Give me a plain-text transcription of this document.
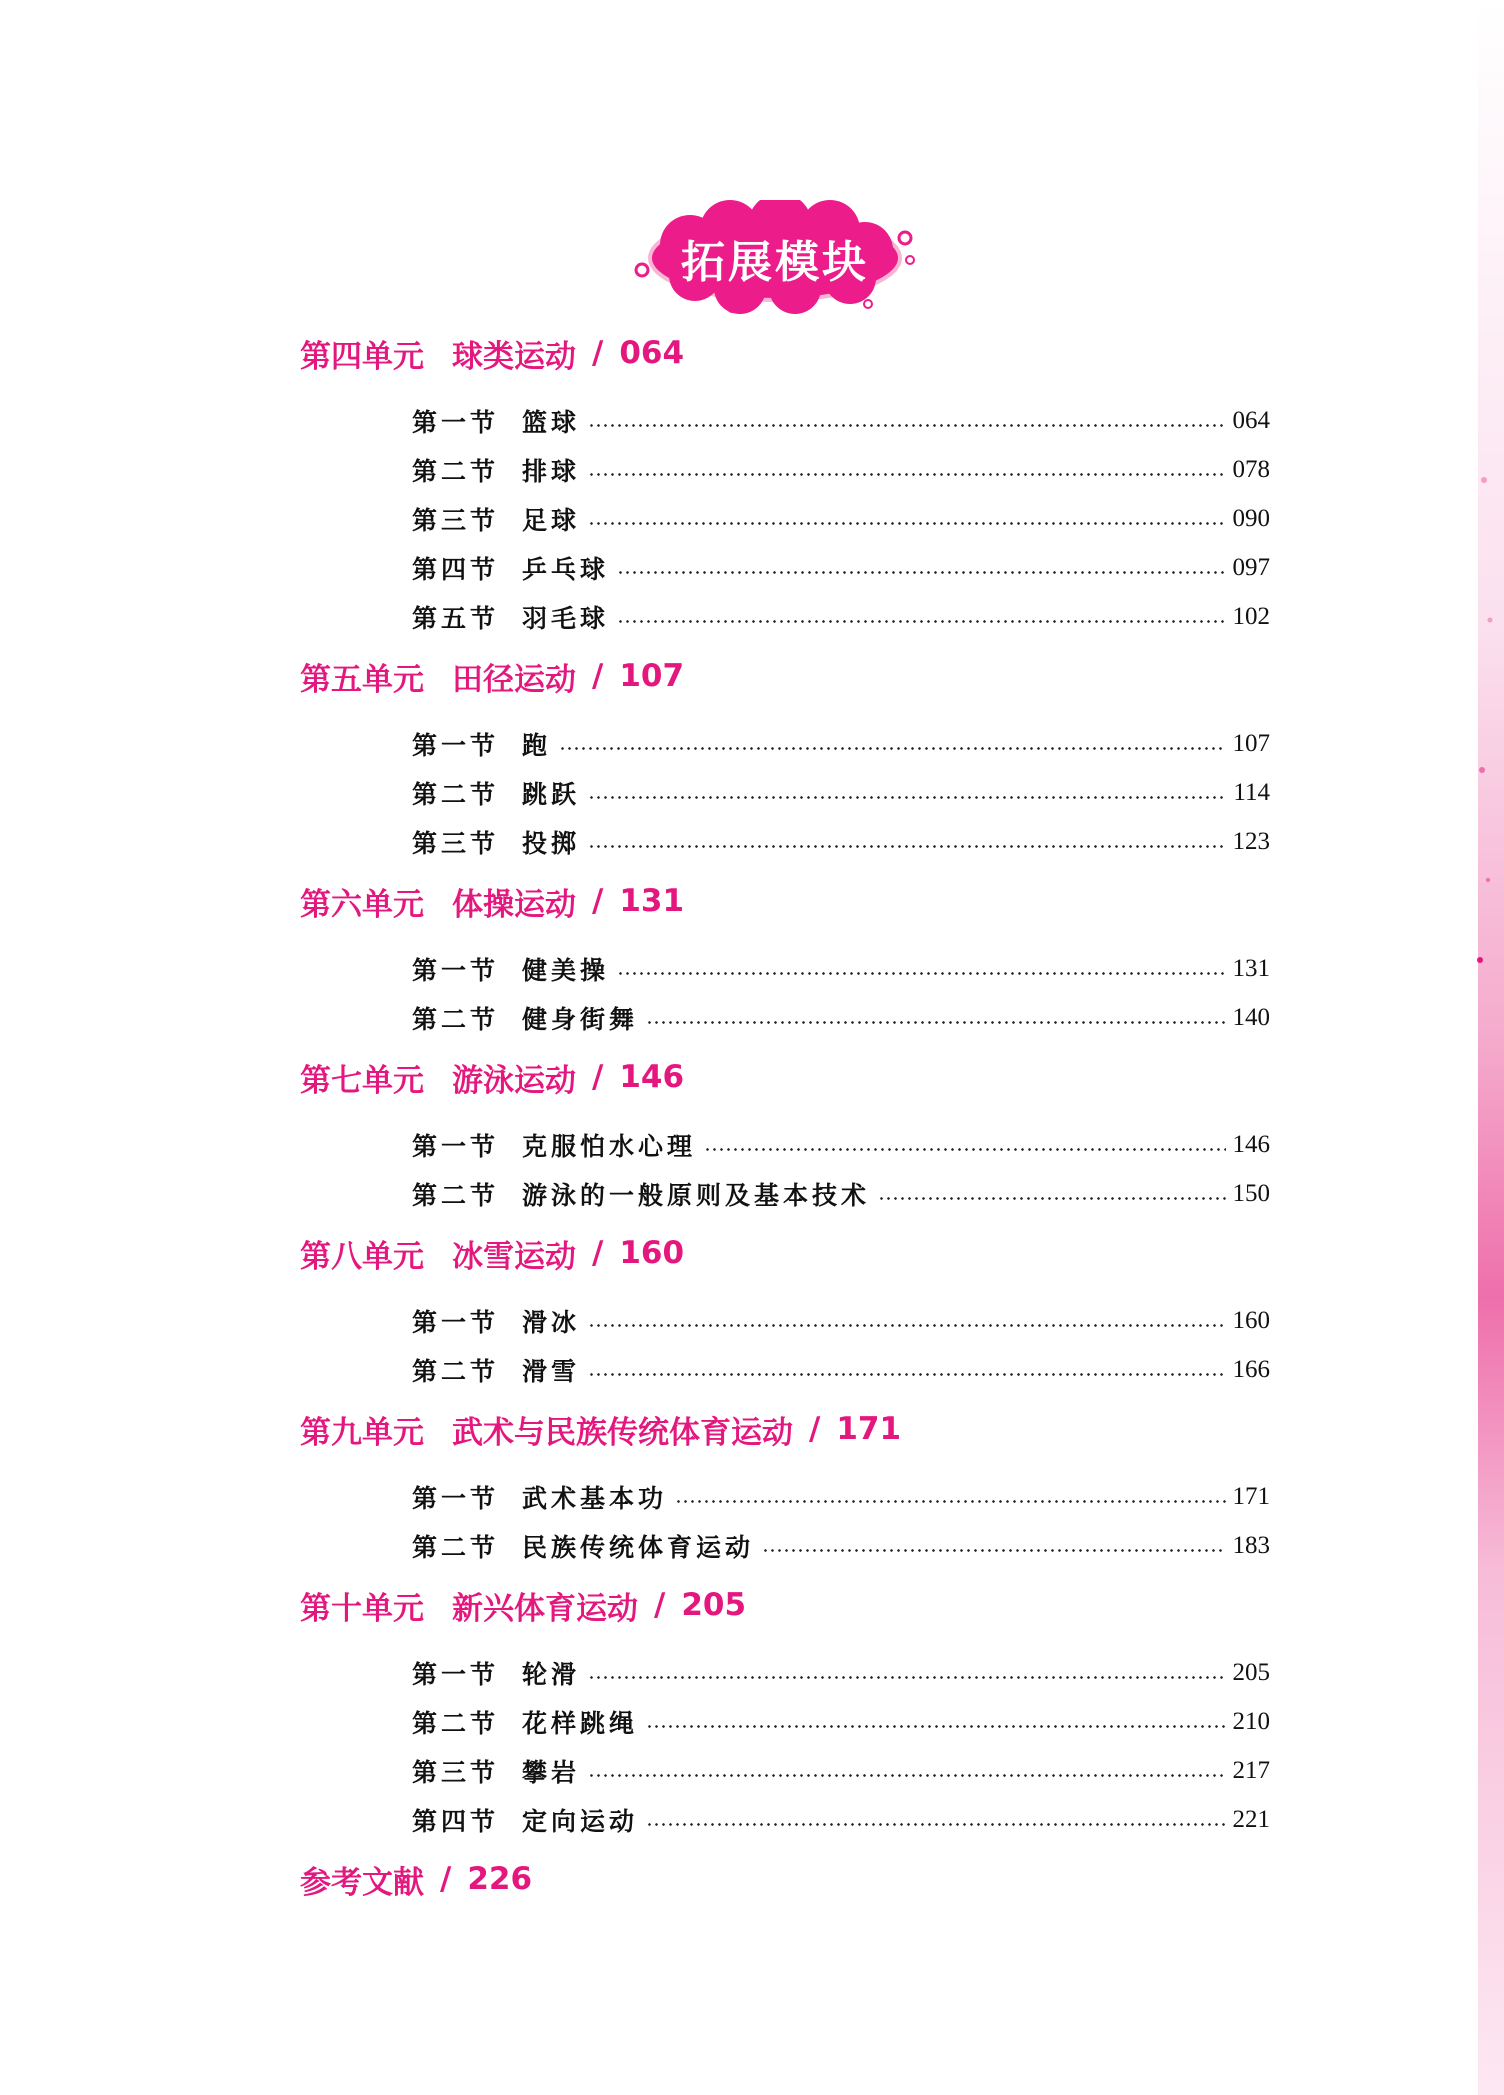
拓展模块
第四单元 球类运动 / 064
第一节 篮球	064
第二节 排球	078
第三节 足球	090
第四节 乒乓球	097
第五节 羽毛球	102
第五单元 田径运动 / 107
第一节 跑	107
第二节 跳跃	114
第三节 投掷	123
第六单元 体操运动 / 131
第一节 健美操	131
第二节 健身街舞	140
第七单元 游泳运动 / 146
第一节 克服怕水心理	146
第二节 游泳的一般原则及基本技术	150
第八单元 冰雪运动 / 160
第一节 滑冰	160
第二节 滑雪	166
第九单元 武术与民族传统体育运动 / 171
第一节 武术基本功	171
第二节 民族传统体育运动	183
第十单元 新兴体育运动 / 205
第一节 轮滑	205
第二节 花样跳绳	210
第三节 攀岩	217
第四节 定向运动	221
参考文献 / 226
